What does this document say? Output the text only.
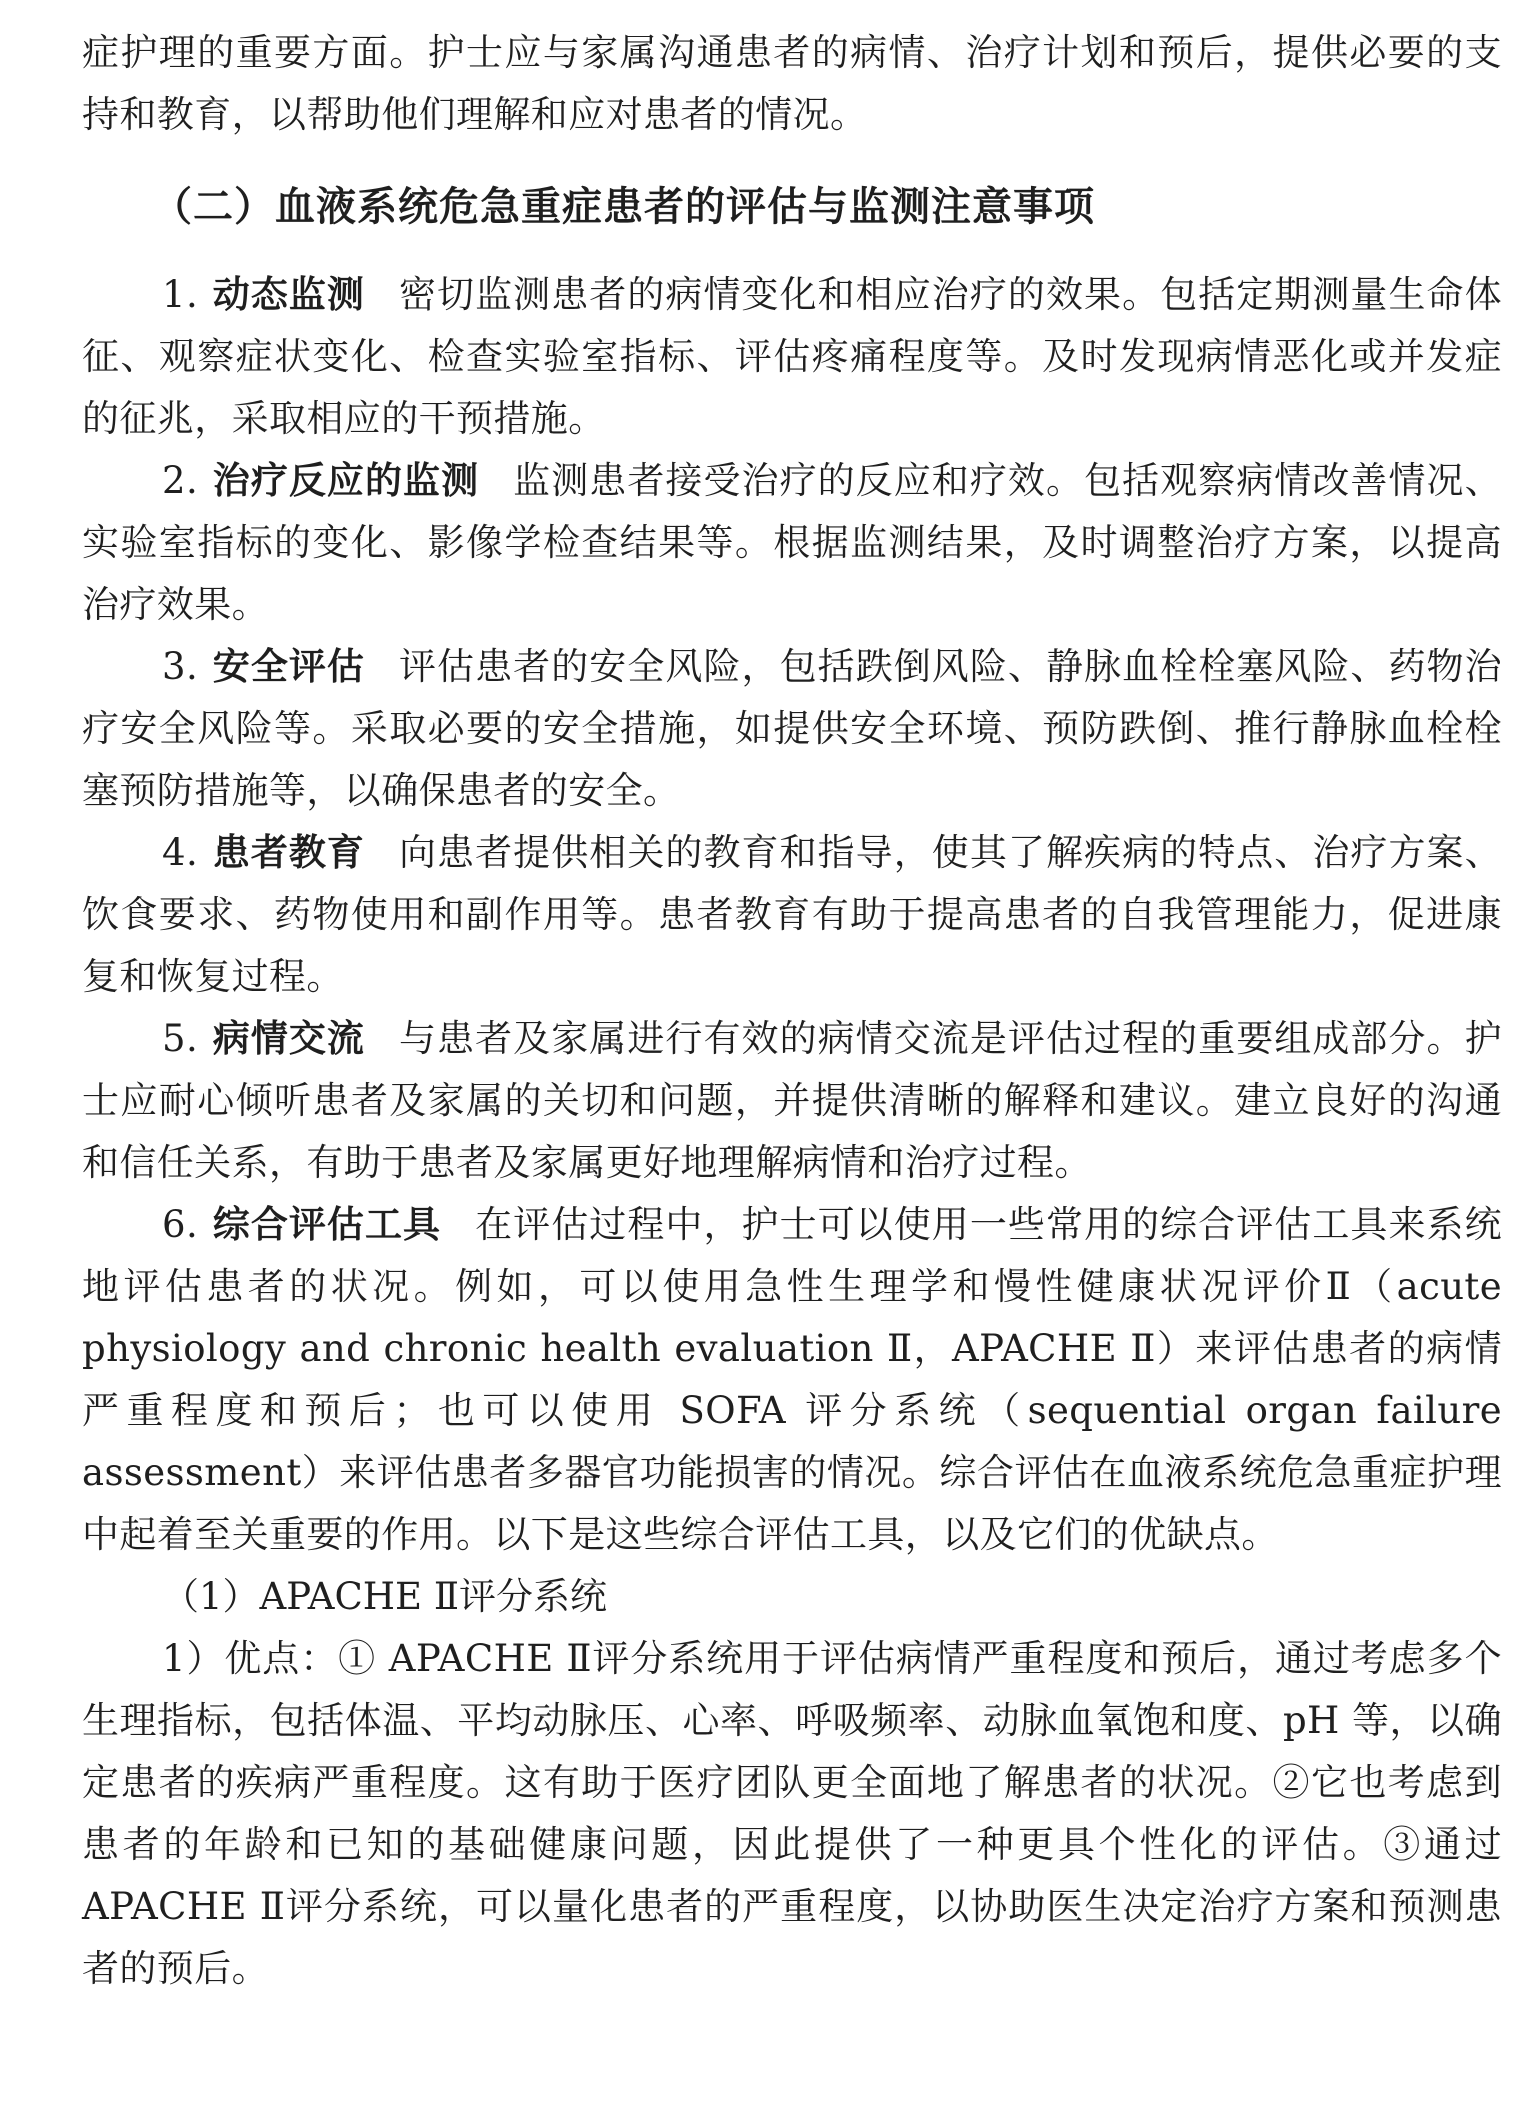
症护理的重要方面。护士应与家属沟通患者的病情、治疗计划和预后，提供必要的支持和教育，以帮助他们理解和应对患者的情况。

（二）血液系统危急重症患者的评估与监测注意事项

1. 动态监测 密切监测患者的病情变化和相应治疗的效果。包括定期测量生命体征、观察症状变化、检查实验室指标、评估疼痛程度等。及时发现病情恶化或并发症的征兆，采取相应的干预措施。

2. 治疗反应的监测 监测患者接受治疗的反应和疗效。包括观察病情改善情况、实验室指标的变化、影像学检查结果等。根据监测结果，及时调整治疗方案，以提高治疗效果。

3. 安全评估 评估患者的安全风险，包括跌倒风险、静脉血栓栓塞风险、药物治疗安全风险等。采取必要的安全措施，如提供安全环境、预防跌倒、推行静脉血栓栓塞预防措施等，以确保患者的安全。

4. 患者教育 向患者提供相关的教育和指导，使其了解疾病的特点、治疗方案、饮食要求、药物使用和副作用等。患者教育有助于提高患者的自我管理能力，促进康复和恢复过程。

5. 病情交流 与患者及家属进行有效的病情交流是评估过程的重要组成部分。护士应耐心倾听患者及家属的关切和问题，并提供清晰的解释和建议。建立良好的沟通和信任关系，有助于患者及家属更好地理解病情和治疗过程。

6. 综合评估工具 在评估过程中，护士可以使用一些常用的综合评估工具来系统地评估患者的状况。例如，可以使用急性生理学和慢性健康状况评价Ⅱ（acute physiology and chronic health evaluation Ⅱ，APACHE Ⅱ）来评估患者的病情严重程度和预后；也可以使用 SOFA 评分系统（sequential organ failure assessment）来评估患者多器官功能损害的情况。综合评估在血液系统危急重症护理中起着至关重要的作用。以下是这些综合评估工具，以及它们的优缺点。

（1）APACHE Ⅱ评分系统

1）优点：① APACHE Ⅱ评分系统用于评估病情严重程度和预后，通过考虑多个生理指标，包括体温、平均动脉压、心率、呼吸频率、动脉血氧饱和度、pH 等，以确定患者的疾病严重程度。这有助于医疗团队更全面地了解患者的状况。②它也考虑到患者的年龄和已知的基础健康问题，因此提供了一种更具个性化的评估。③通过 APACHE Ⅱ评分系统，可以量化患者的严重程度，以协助医生决定治疗方案和预测患者的预后。
